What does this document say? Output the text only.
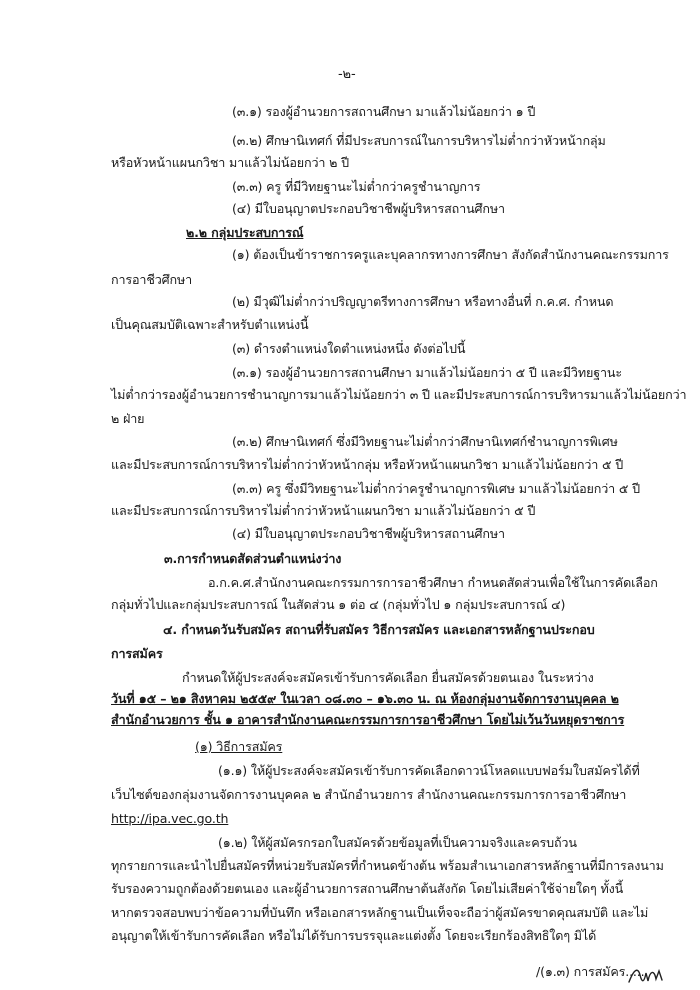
-๒-
(๓.๑) รองผู้อำนวยการสถานศึกษา มาแล้วไม่น้อยกว่า ๑ ปี
(๓.๒) ศึกษานิเทศก์ ที่มีประสบการณ์ในการบริหารไม่ต่ำกว่าหัวหน้ากลุ่ม
หรือหัวหน้าแผนกวิชา มาแล้วไม่น้อยกว่า ๒ ปี
(๓.๓) ครู ที่มีวิทยฐานะไม่ต่ำกว่าครูชำนาญการ
(๔) มีใบอนุญาตประกอบวิชาชีพผู้บริหารสถานศึกษา
๒.๒ กลุ่มประสบการณ์
(๑) ต้องเป็นข้าราชการครูและบุคลากรทางการศึกษา สังกัดสำนักงานคณะกรรมการ
การอาชีวศึกษา
(๒) มีวุฒิไม่ต่ำกว่าปริญญาตรีทางการศึกษา หรือทางอื่นที่ ก.ค.ศ. กำหนด
เป็นคุณสมบัติเฉพาะสำหรับตำแหน่งนี้
(๓) ดำรงตำแหน่งใดตำแหน่งหนึ่ง ดังต่อไปนี้
(๓.๑) รองผู้อำนวยการสถานศึกษา มาแล้วไม่น้อยกว่า ๕ ปี และมีวิทยฐานะ
ไม่ต่ำกว่ารองผู้อำนวยการชำนาญการมาแล้วไม่น้อยกว่า ๓ ปี และมีประสบการณ์การบริหารมาแล้วไม่น้อยกว่า
๒ ฝ่าย
(๓.๒) ศึกษานิเทศก์ ซึ่งมีวิทยฐานะไม่ต่ำกว่าศึกษานิเทศก์ชำนาญการพิเศษ
และมีประสบการณ์การบริหารไม่ต่ำกว่าหัวหน้ากลุ่ม หรือหัวหน้าแผนกวิชา มาแล้วไม่น้อยกว่า ๕ ปี
(๓.๓) ครู ซึ่งมีวิทยฐานะไม่ต่ำกว่าครูชำนาญการพิเศษ มาแล้วไม่น้อยกว่า ๕ ปี
และมีประสบการณ์การบริหารไม่ต่ำกว่าหัวหน้าแผนกวิชา มาแล้วไม่น้อยกว่า ๕ ปี
(๔) มีใบอนุญาตประกอบวิชาชีพผู้บริหารสถานศึกษา
๓.การกำหนดสัดส่วนตำแหน่งว่าง
อ.ก.ค.ศ.สำนักงานคณะกรรมการการอาชีวศึกษา กำหนดสัดส่วนเพื่อใช้ในการคัดเลือก
กลุ่มทั่วไปและกลุ่มประสบการณ์ ในสัดส่วน ๑ ต่อ ๔ (กลุ่มทั่วไป ๑ กลุ่มประสบการณ์ ๔)
๔. กำหนดวันรับสมัคร สถานที่รับสมัคร วิธีการสมัคร และเอกสารหลักฐานประกอบ
การสมัคร
กำหนดให้ผู้ประสงค์จะสมัครเข้ารับการคัดเลือก ยื่นสมัครด้วยตนเอง ในระหว่าง
วันที่ ๑๕ – ๒๑ สิงหาคม ๒๕๕๙ ในเวลา ๐๘.๓๐ – ๑๖.๓๐ น. ณ ห้องกลุ่มงานจัดการงานบุคคล ๒
สำนักอำนวยการ ชั้น ๑ อาคารสำนักงานคณะกรรมการการอาชีวศึกษา โดยไม่เว้นวันหยุดราชการ
(๑) วิธีการสมัคร
(๑.๑) ให้ผู้ประสงค์จะสมัครเข้ารับการคัดเลือกดาวน์โหลดแบบฟอร์มใบสมัครได้ที่
เว็บไซต์ของกลุ่มงานจัดการงานบุคคล ๒ สำนักอำนวยการ สำนักงานคณะกรรมการการอาชีวศึกษา
http://ipa.vec.go.th
(๑.๒) ให้ผู้สมัครกรอกใบสมัครด้วยข้อมูลที่เป็นความจริงและครบถ้วน
ทุกรายการและนำไปยื่นสมัครที่หน่วยรับสมัครที่กำหนดข้างต้น พร้อมสำเนาเอกสารหลักฐานที่มีการลงนาม
รับรองความถูกต้องด้วยตนเอง และผู้อำนวยการสถานศึกษาต้นสังกัด โดยไม่เสียค่าใช้จ่ายใดๆ ทั้งนี้
หากตรวจสอบพบว่าข้อความที่บันทึก หรือเอกสารหลักฐานเป็นเท็จจะถือว่าผู้สมัครขาดคุณสมบัติ และไม่
อนุญาตให้เข้ารับการคัดเลือก หรือไม่ได้รับการบรรจุและแต่งตั้ง โดยจะเรียกร้องสิทธิใดๆ มิได้
/(๑.๓) การสมัคร.....
